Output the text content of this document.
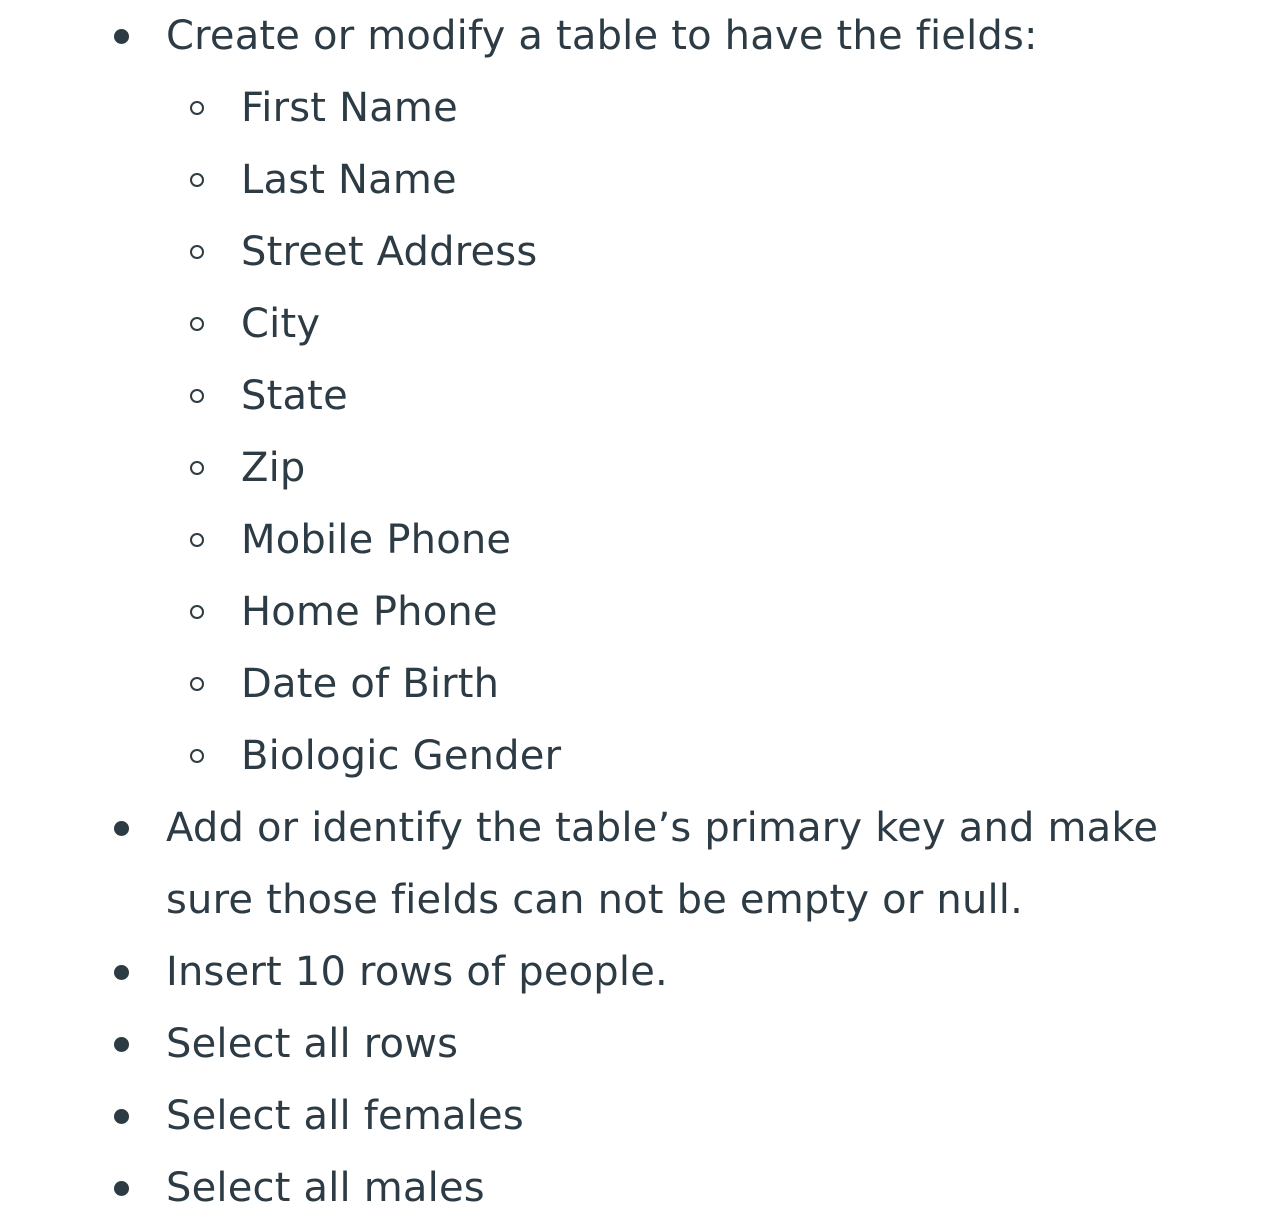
Create or modify a table to have the fields:
First Name
Last Name
Street Address
City
State
Zip
Mobile Phone
Home Phone
Date of Birth
Biologic Gender
Add or identify the table’s primary key and make
sure those fields can not be empty or null.
Insert 10 rows of people.
Select all rows
Select all females
Select all males
